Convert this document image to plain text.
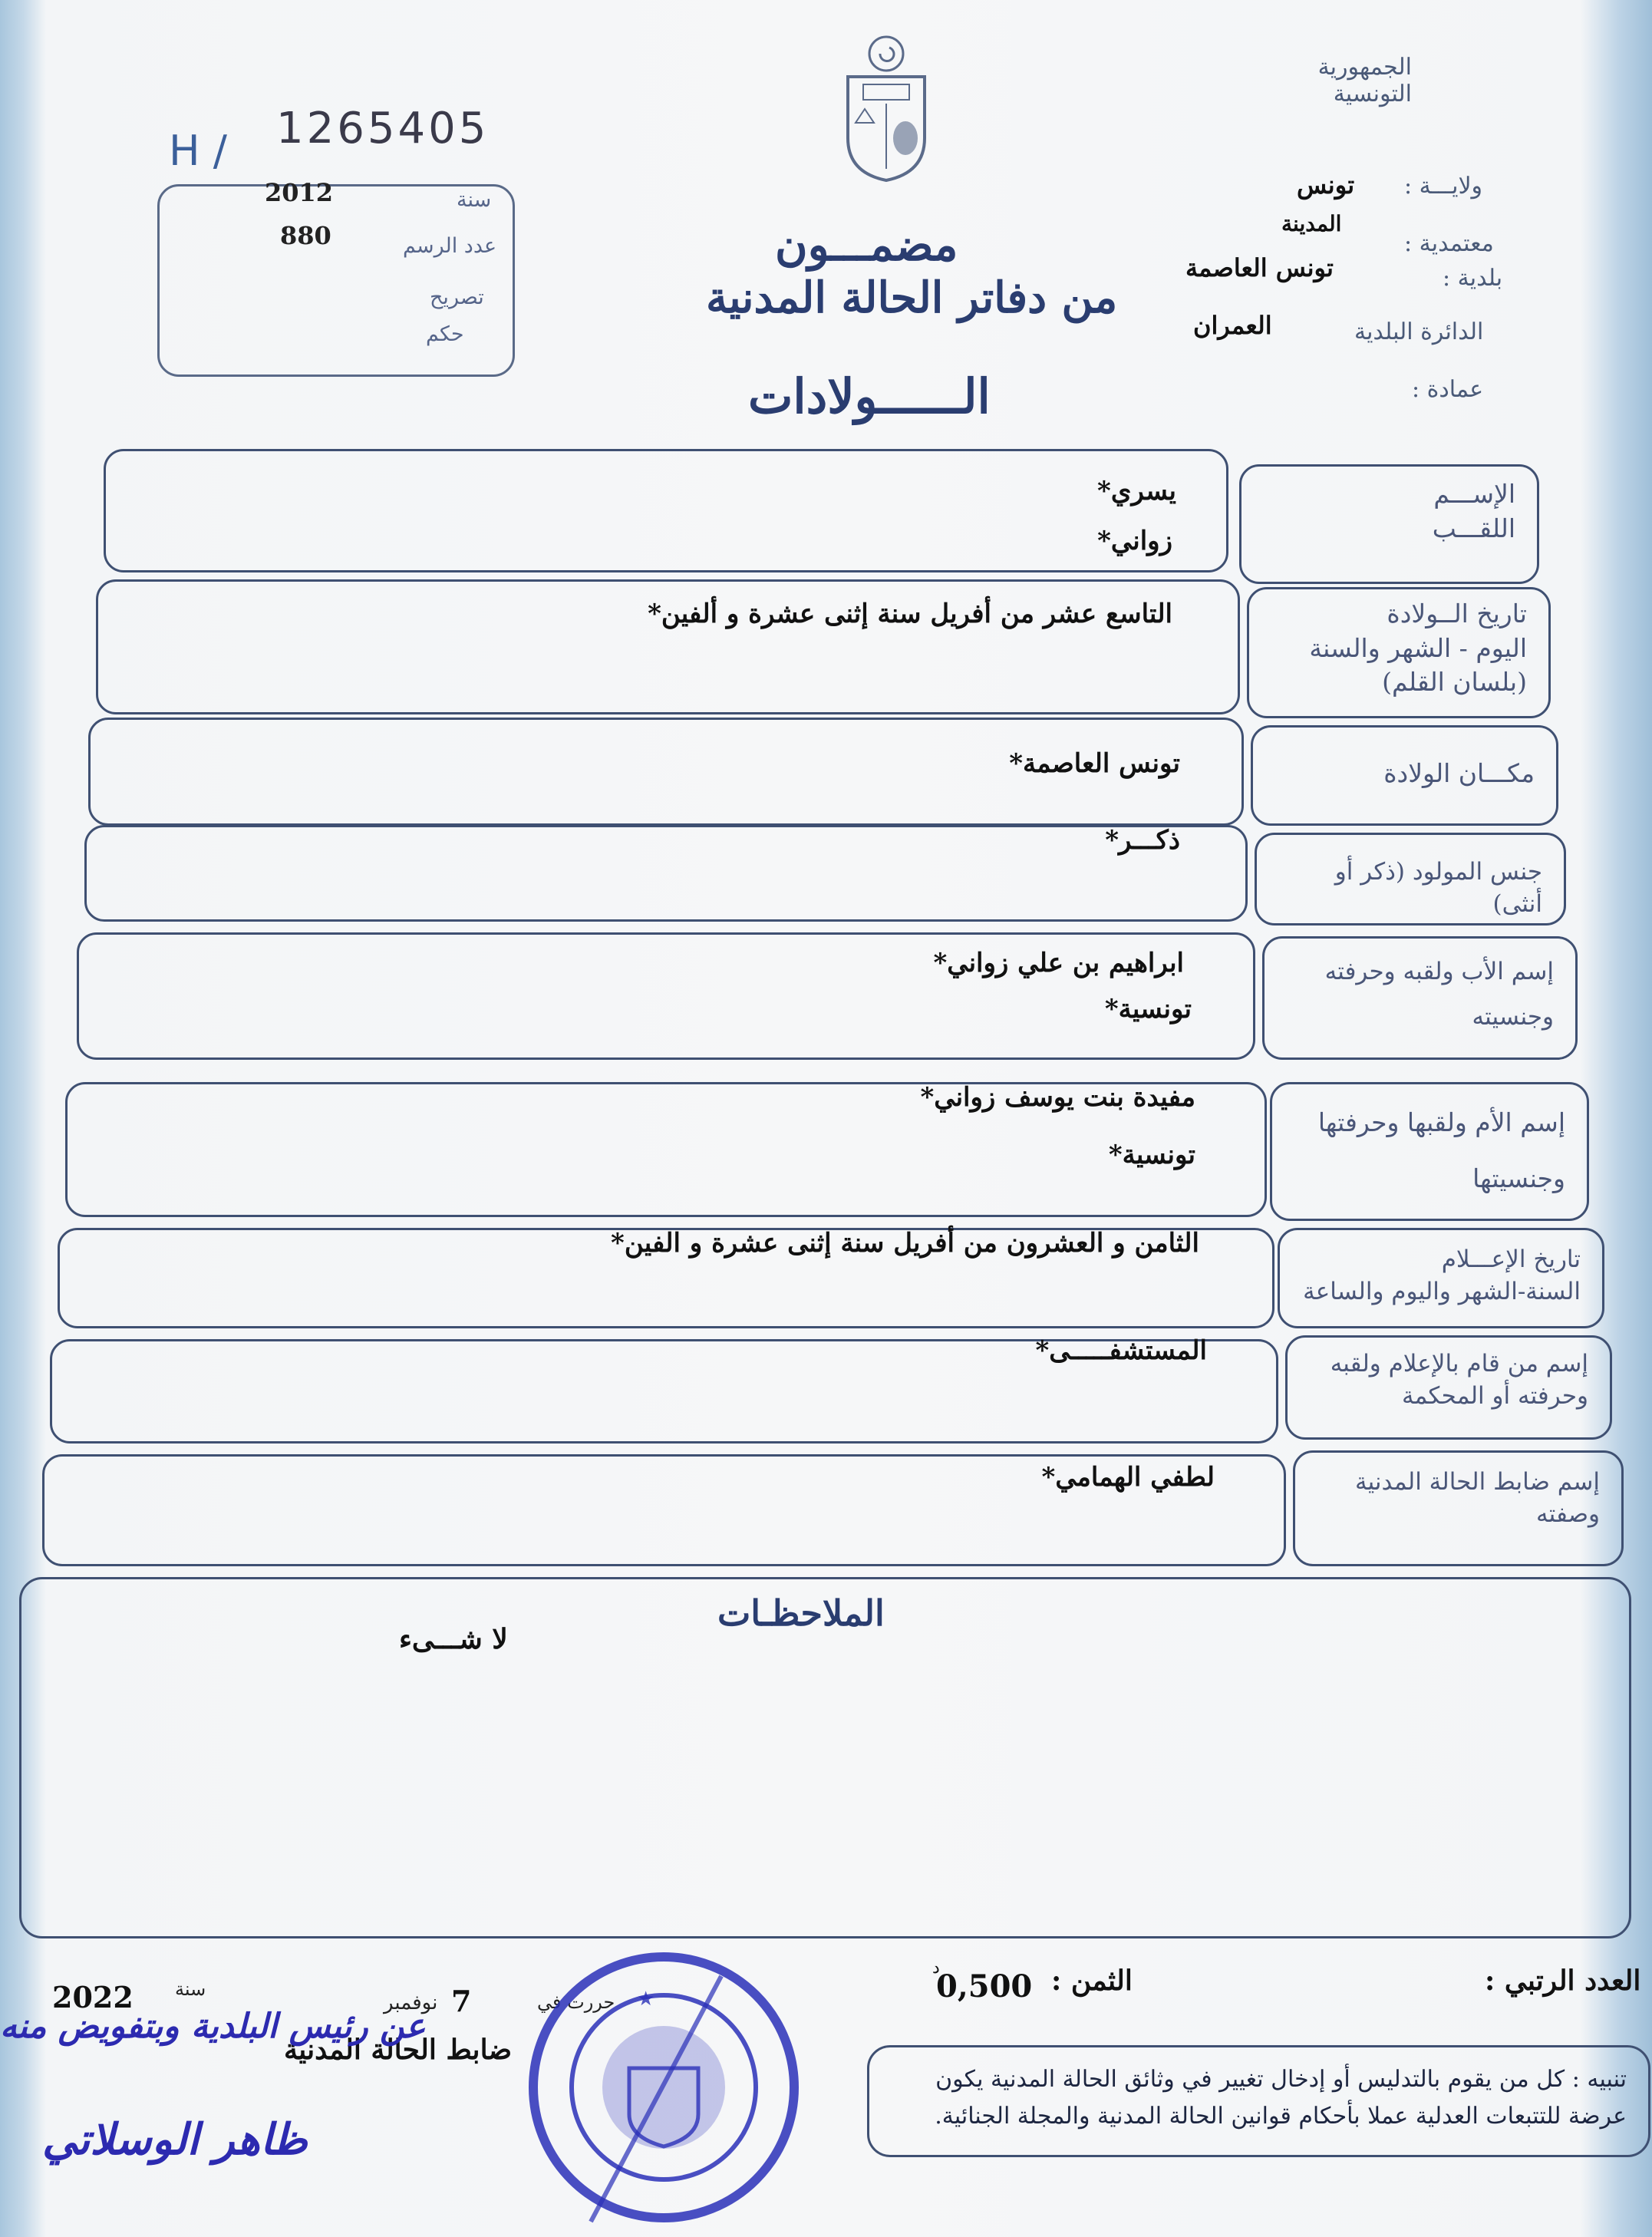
الجمهورية التونسية
ولايـــة :
تونس
معتمدية :
المدينة
بلدية :
تونس العاصمة
الدائرة البلدية
العمران
عمادة :
H / 1265405
2012
880
سنة
عدد الرسم
تصريح
حكم
مضمـــون
من دفاتر الحالة المدنية
الــــــولادات
الإســـم
اللقـــب
يسري*
زواني*
تاريخ الــولادة
اليوم - الشهر والسنة
(بلسان القلم)
التاسع عشر من أفريل سنة إثنى عشرة و ألفين*
مكـــان الولادة
تونس العاصمة*
جنس المولود (ذكر أو أنثى)
ذكـــر*
إسم الأب ولقبه وحرفته
وجنسيته
ابراهيم بن علي زواني*
تونسية*
إسم الأم ولقبها وحرفتها
وجنسيتها
مفيدة بنت يوسف زواني*
تونسية*
تاريخ الإعـــلام
السنة-الشهر واليوم والساعة
الثامن و العشرون من أفريل سنة إثنى عشرة و الفين*
إسم من قام بالإعلام ولقبه
وحرفته أو المحكمة
المستشفـــــى*
إسم ضابط الحالة المدنية
وصفته
لطفي الهمامي*
الملاحظـات
لا شـــىء
العدد الرتبي :
الثمن :
0,500
د
حررت في
7
نوفمبر
سنة
2022
ضابط الحالة المدنية
عن رئيس البلدية وبتفويض منه
ظاهر الوسلاتي
★
تنبيه : كل من يقوم بالتدليس أو إدخال تغيير في وثائق الحالة المدنية يكون عرضة للتتبعات العدلية عملا بأحكام قوانين الحالة المدنية والمجلة الجنائية.
